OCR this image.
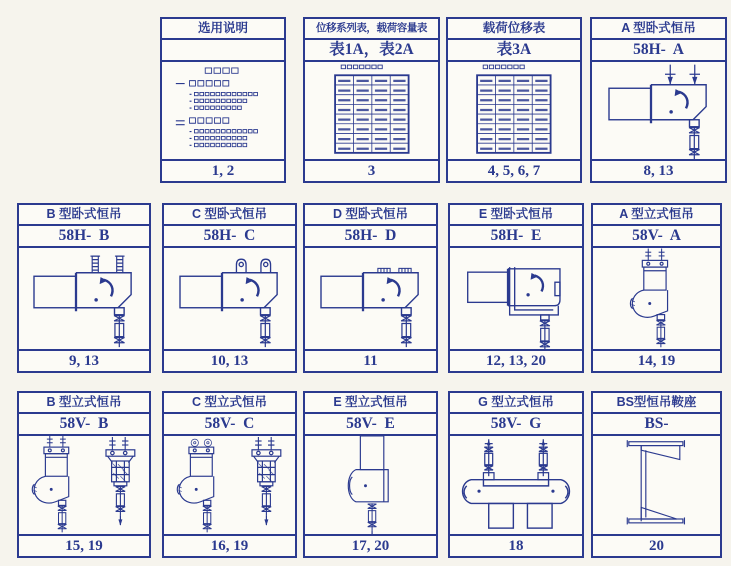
选用说明
1, 2
位移系列表，载荷容量表
表1A，表2A
3
载荷位移表
表3A
4, 5, 6, 7
A 型卧式恒吊
58H-  A
8, 13
B 型卧式恒吊
58H-  B
9, 13
C 型卧式恒吊
58H-  C
10, 13
D 型卧式恒吊
58H-  D
11
E 型卧式恒吊
58H-  E
12, 13, 20
A 型立式恒吊
58V-  A
14, 19
B 型立式恒吊
58V-  B
15, 19
C 型立式恒吊
58V-  C
16, 19
E 型立式恒吊
58V-  E
17, 20
G 型立式恒吊
58V-  G
18
BS型恒吊鞍座
BS-
20
